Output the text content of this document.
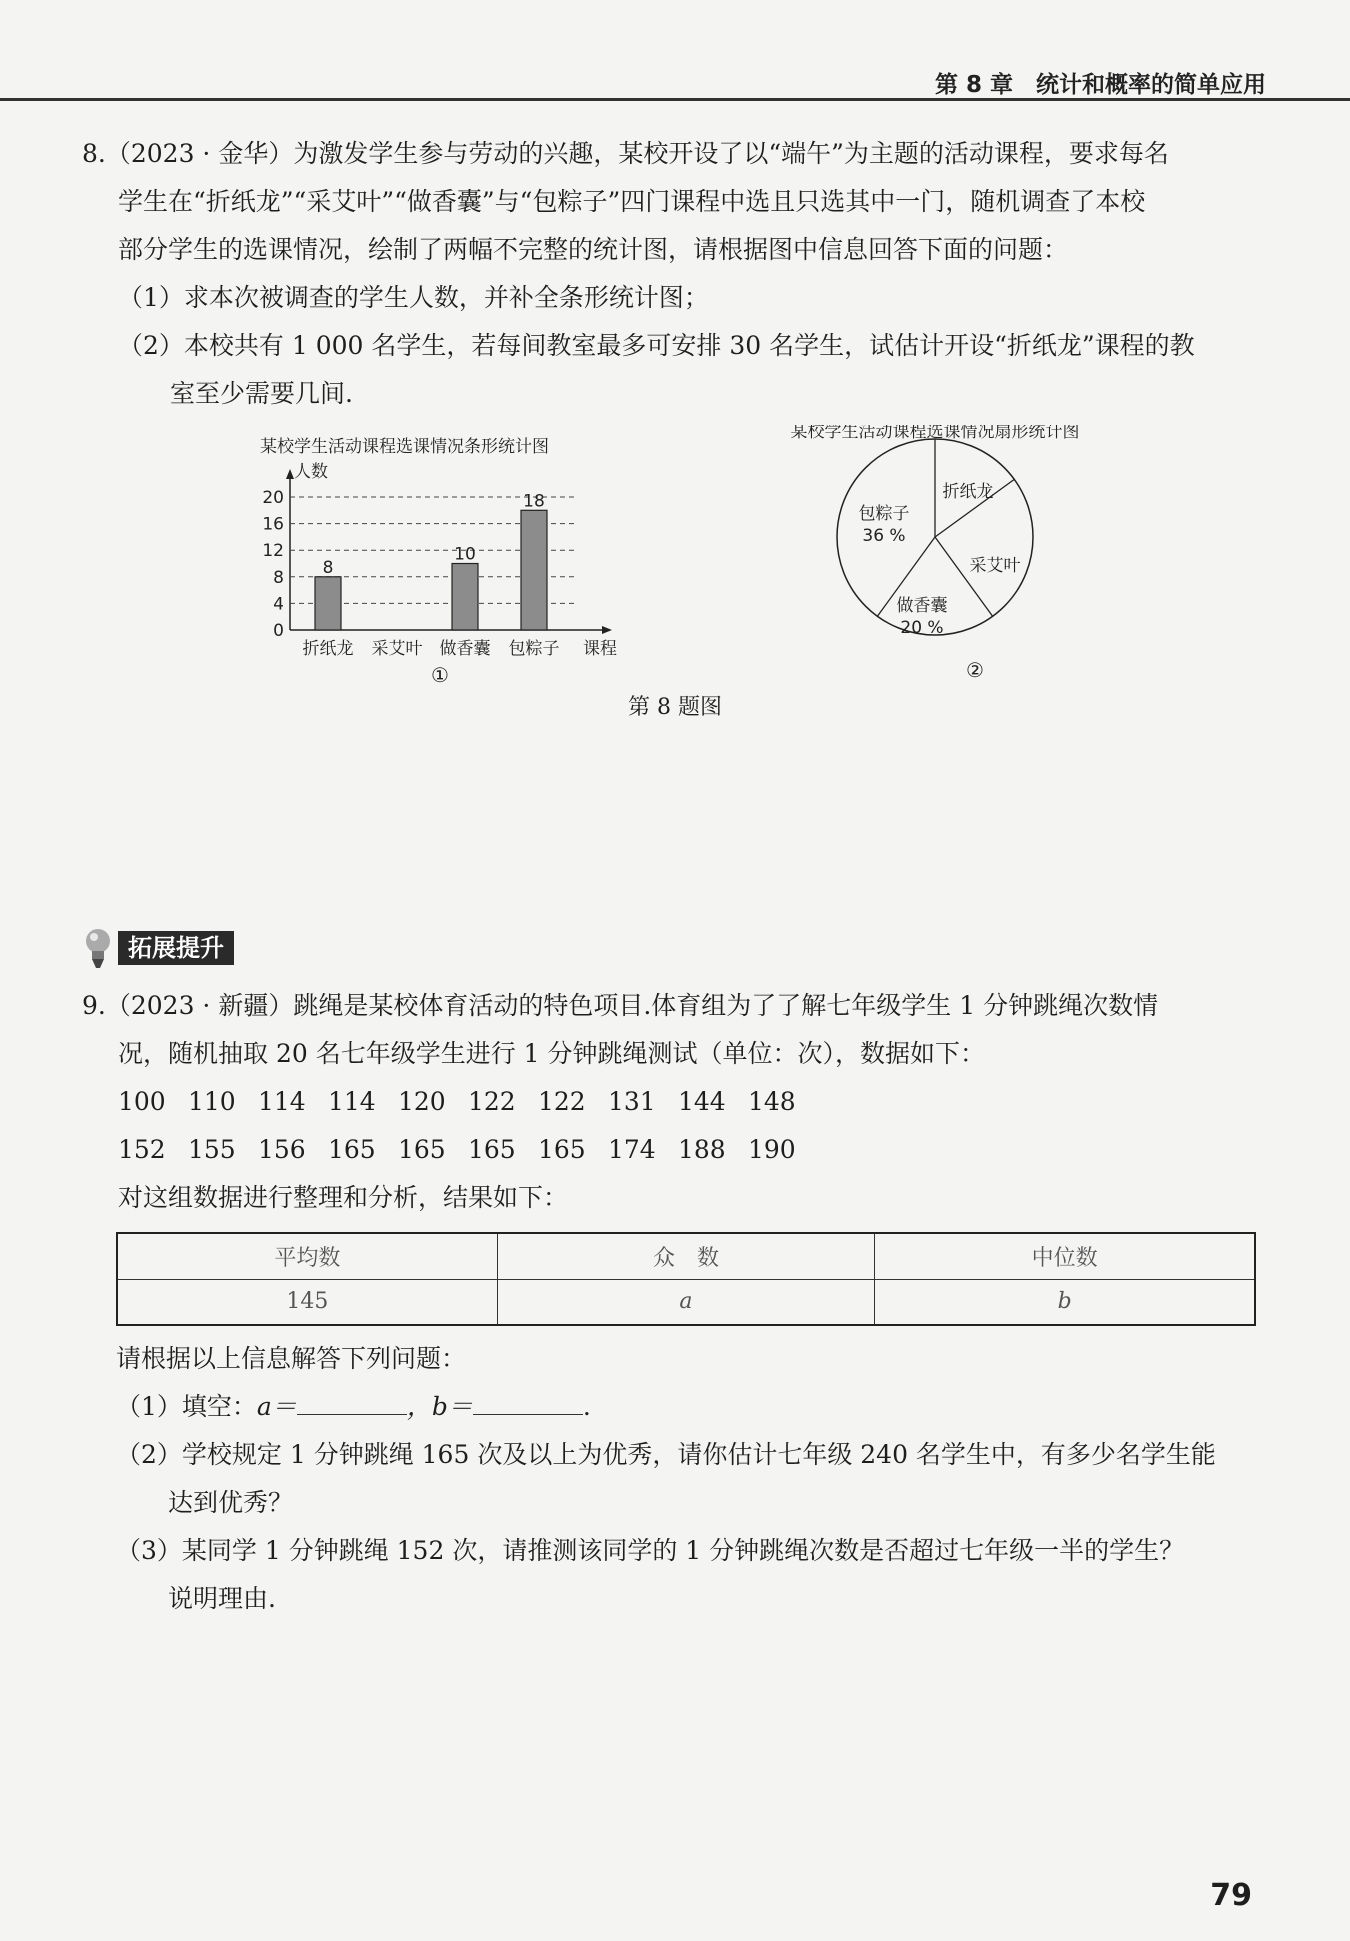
第 8 章　统计和概率的简单应用
8.（2023 · 金华）为激发学生参与劳动的兴趣，某校开设了以“端午”为主题的活动课程，要求每名
学生在“折纸龙”“采艾叶”“做香囊”与“包粽子”四门课程中选且只选其中一门，随机调查了本校
部分学生的选课情况，绘制了两幅不完整的统计图，请根据图中信息回答下面的问题：
（1）求本次被调查的学生人数，并补全条形统计图；
（2）本校共有 1 000 名学生，若每间教室最多可安排 30 名学生，试估计开设“折纸龙”课程的教
室至少需要几间.
某校学生活动课程选课情况条形统计图
人数
0
4
8
12
16
20
折纸龙
8
采艾叶 做香囊
10
包粽子
18
课程
①
某校学生活动课程选课情况扇形统计图
折纸龙
采艾叶
做香囊
20 %
包粽子
36 %
②
第 8 题图
拓展提升
9.（2023 · 新疆）跳绳是某校体育活动的特色项目.体育组为了了解七年级学生 1 分钟跳绳次数情
况，随机抽取 20 名七年级学生进行 1 分钟跳绳测试（单位：次），数据如下：
100 110 114 114 120 122 122 131 144 148
152 155 156 165 165 165 165 174 188 190
对这组数据进行整理和分析，结果如下：
平均数	众　数	中位数
145	a	b
请根据以上信息解答下列问题：
（1）填空：a＝	，b＝	.
（2）学校规定 1 分钟跳绳 165 次及以上为优秀，请你估计七年级 240 名学生中，有多少名学生能
达到优秀？
（3）某同学 1 分钟跳绳 152 次，请推测该同学的 1 分钟跳绳次数是否超过七年级一半的学生？
说明理由.
79
